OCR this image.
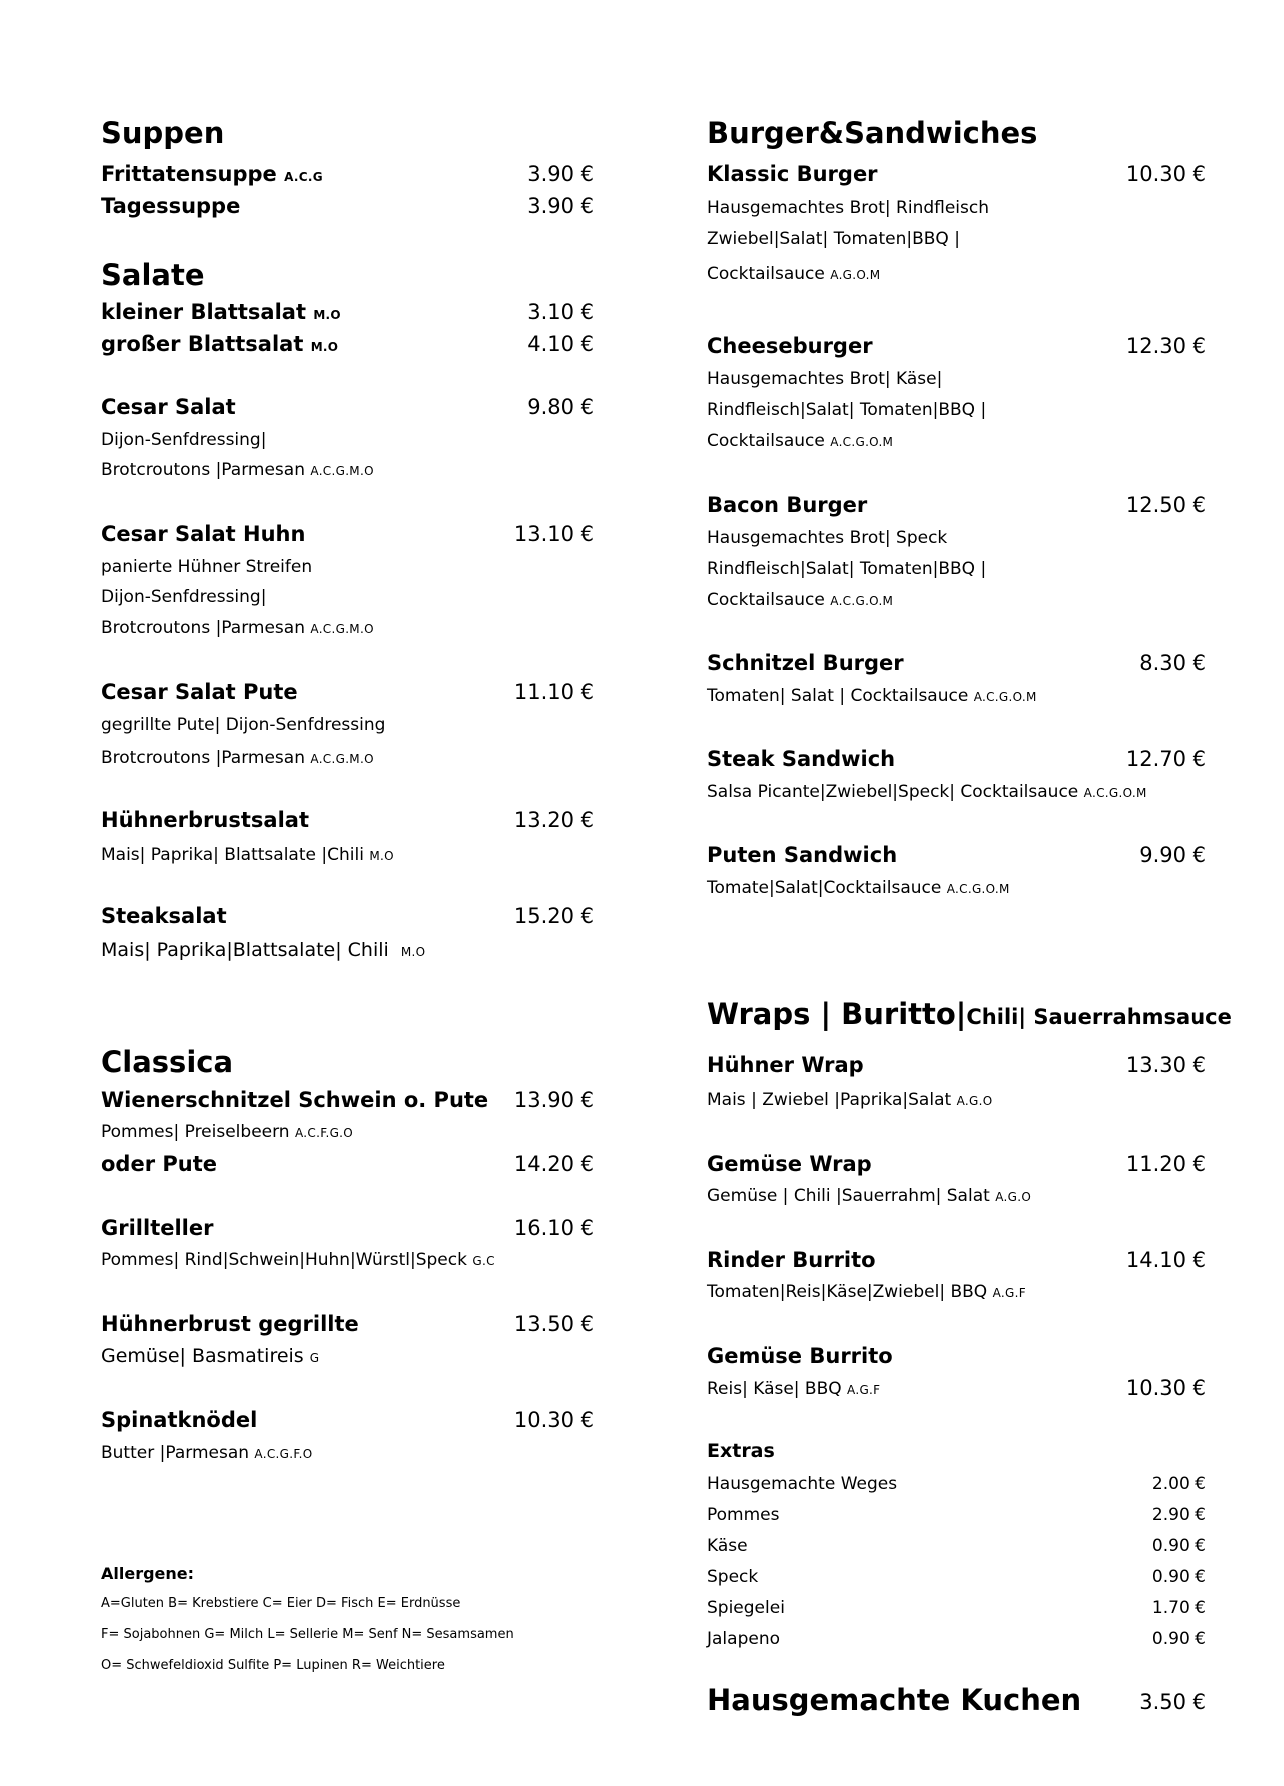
Suppen
Frittatensuppe A.C.G	3.90 €
Tagessuppe	3.90 €
Salate
kleiner Blattsalat M.O	3.10 €
großer Blattsalat M.O	4.10 €
Cesar Salat	9.80 €
Dijon-Senfdressing|
Brotcroutons |Parmesan A.C.G.M.O
Cesar Salat Huhn	13.10 €
panierte Hühner Streifen
Dijon-Senfdressing|
Brotcroutons |Parmesan A.C.G.M.O
Cesar Salat Pute	11.10 €
gegrillte Pute| Dijon-Senfdressing
Brotcroutons |Parmesan A.C.G.M.O
Hühnerbrustsalat	13.20 €
Mais| Paprika| Blattsalate |Chili M.O
Steaksalat	15.20 €
Mais| Paprika|Blattsalate| Chili M.O
Classica
Wienerschnitzel Schwein o. Pute 13.90 €
Pommes| Preiselbeern A.C.F.G.O
oder Pute	14.20 €
Grillteller	16.10 €
Pommes| Rind|Schwein|Huhn|Würstl|Speck G.C
Hühnerbrust gegrillte	13.50 €
Gemüse| Basmatireis G
Spinatknödel	10.30 €
Butter |Parmesan A.C.G.F.O
Allergene:
A=Gluten B= Krebstiere C= Eier D= Fisch E= Erdnüsse
F= Sojabohnen G= Milch L= Sellerie M= Senf N= Sesamsamen
O= Schwefeldioxid Sulfite P= Lupinen R= Weichtiere
Burger&Sandwiches
Klassic Burger	10.30 €
Hausgemachtes Brot| Rindfleisch
Zwiebel|Salat| Tomaten|BBQ |
Cocktailsauce A.G.O.M
Cheeseburger	12.30 €
Hausgemachtes Brot| Käse|
Rindfleisch|Salat| Tomaten|BBQ |
Cocktailsauce A.C.G.O.M
Bacon Burger	12.50 €
Hausgemachtes Brot| Speck
Rindfleisch|Salat| Tomaten|BBQ |
Cocktailsauce A.C.G.O.M
Schnitzel Burger	8.30 €
Tomaten| Salat | Cocktailsauce A.C.G.O.M
Steak Sandwich	12.70 €
Salsa Picante|Zwiebel|Speck| Cocktailsauce A.C.G.O.M
Puten Sandwich	9.90 €
Tomate|Salat|Cocktailsauce A.C.G.O.M
Wraps | Buritto|Chili| Sauerrahmsauce
Hühner Wrap	13.30 €
Mais | Zwiebel |Paprika|Salat A.G.O
Gemüse Wrap	11.20 €
Gemüse | Chili |Sauerrahm| Salat A.G.O
Rinder Burrito	14.10 €
Tomaten|Reis|Käse|Zwiebel| BBQ A.G.F
Gemüse Burrito
Reis| Käse| BBQ A.G.F	10.30 €
Extras
Hausgemachte Weges	2.00 €
Pommes	2.90 €
Käse	0.90 €
Speck	0.90 €
Spiegelei	1.70 €
Jalapeno	0.90 €
Hausgemachte Kuchen	3.50 €
